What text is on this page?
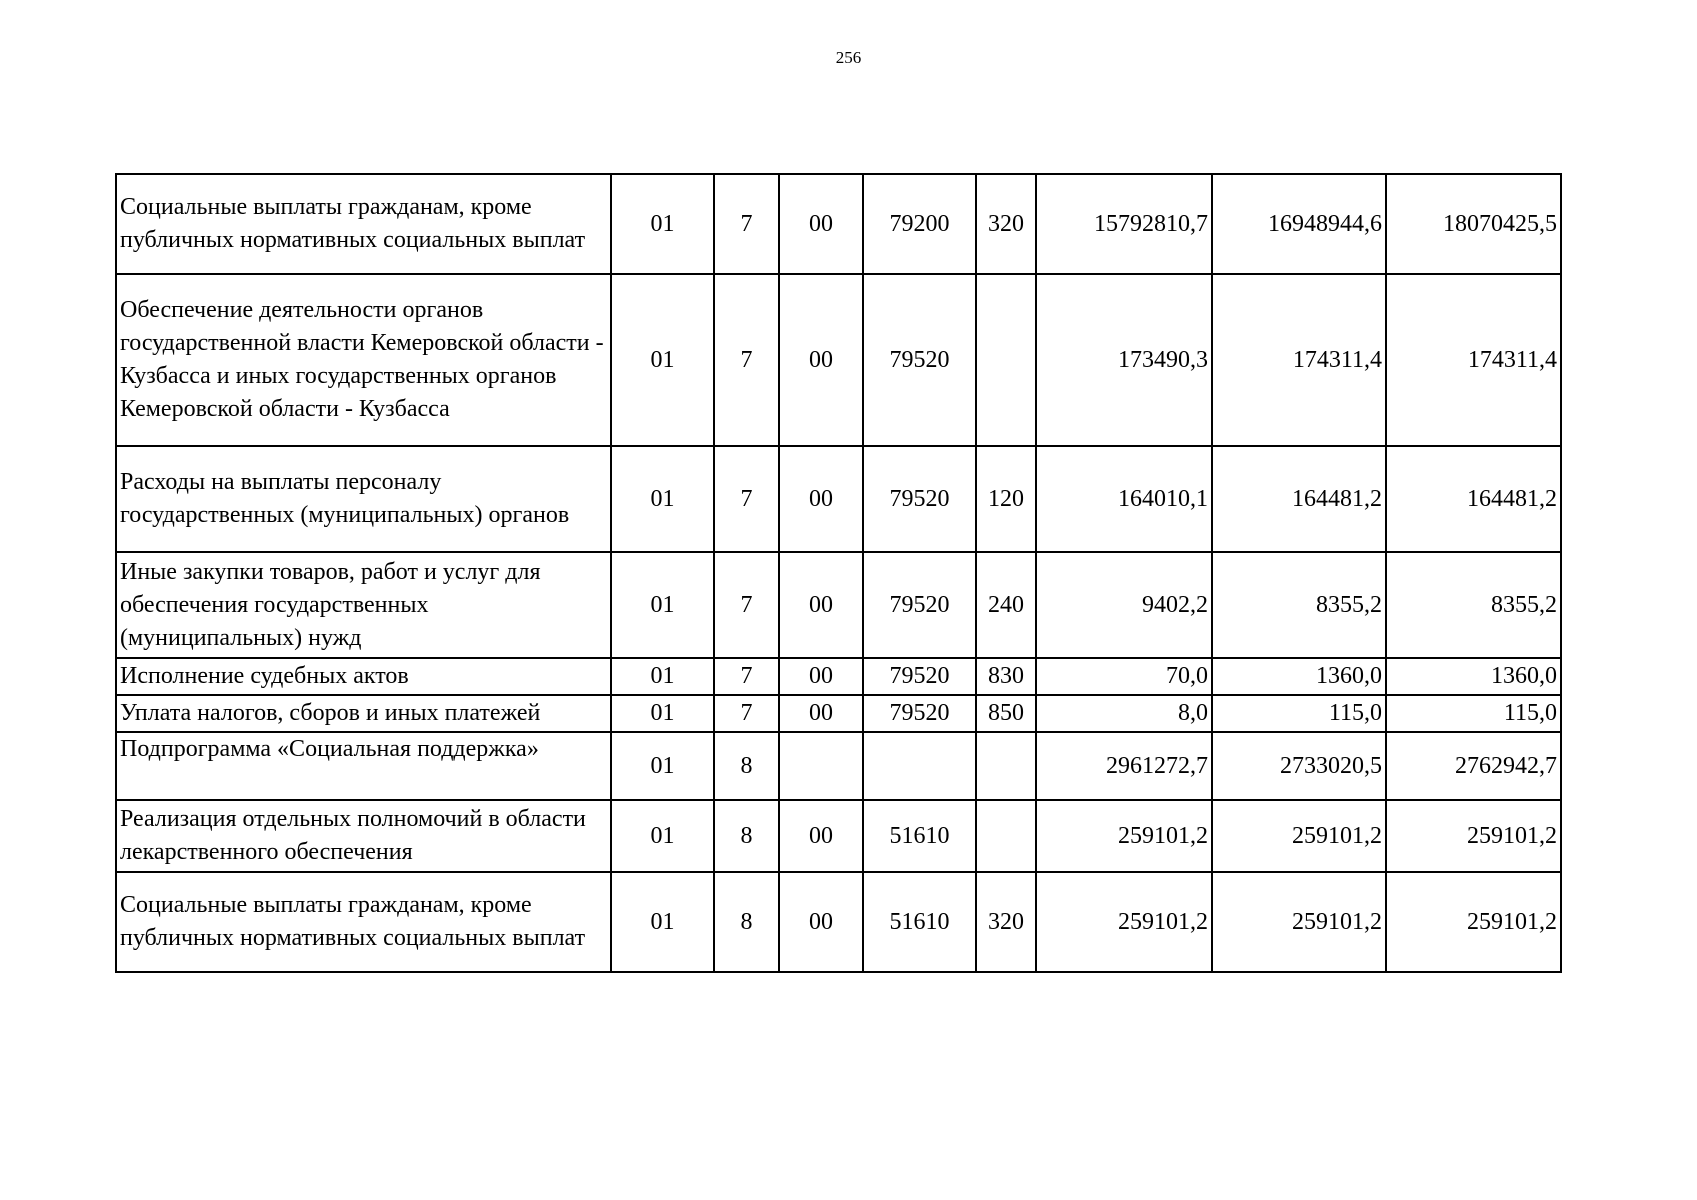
256
Социальные выплаты гражданам, кроме публичных нормативных социальных выплат	01	7	00	79200	320	15792810,7	16948944,6	18070425,5
Обеспечение деятельности органов государственной власти Кемеровской области - Кузбасса и иных государственных органов Кемеровской области - Кузбасса	01	7	00	79520		173490,3	174311,4	174311,4
Расходы на выплаты персоналу государственных (муниципальных) органов	01	7	00	79520	120	164010,1	164481,2	164481,2
Иные закупки товаров, работ и услуг для обеспечения государственных (муниципальных) нужд	01	7	00	79520	240	9402,2	8355,2	8355,2
Исполнение судебных актов	01	7	00	79520	830	70,0	1360,0	1360,0
Уплата налогов, сборов и иных платежей	01	7	00	79520	850	8,0	115,0	115,0
Подпрограмма «Социальная поддержка»	01	8				2961272,7	2733020,5	2762942,7
Реализация отдельных полномочий в области лекарственного обеспечения	01	8	00	51610		259101,2	259101,2	259101,2
Социальные выплаты гражданам, кроме публичных нормативных социальных выплат	01	8	00	51610	320	259101,2	259101,2	259101,2
